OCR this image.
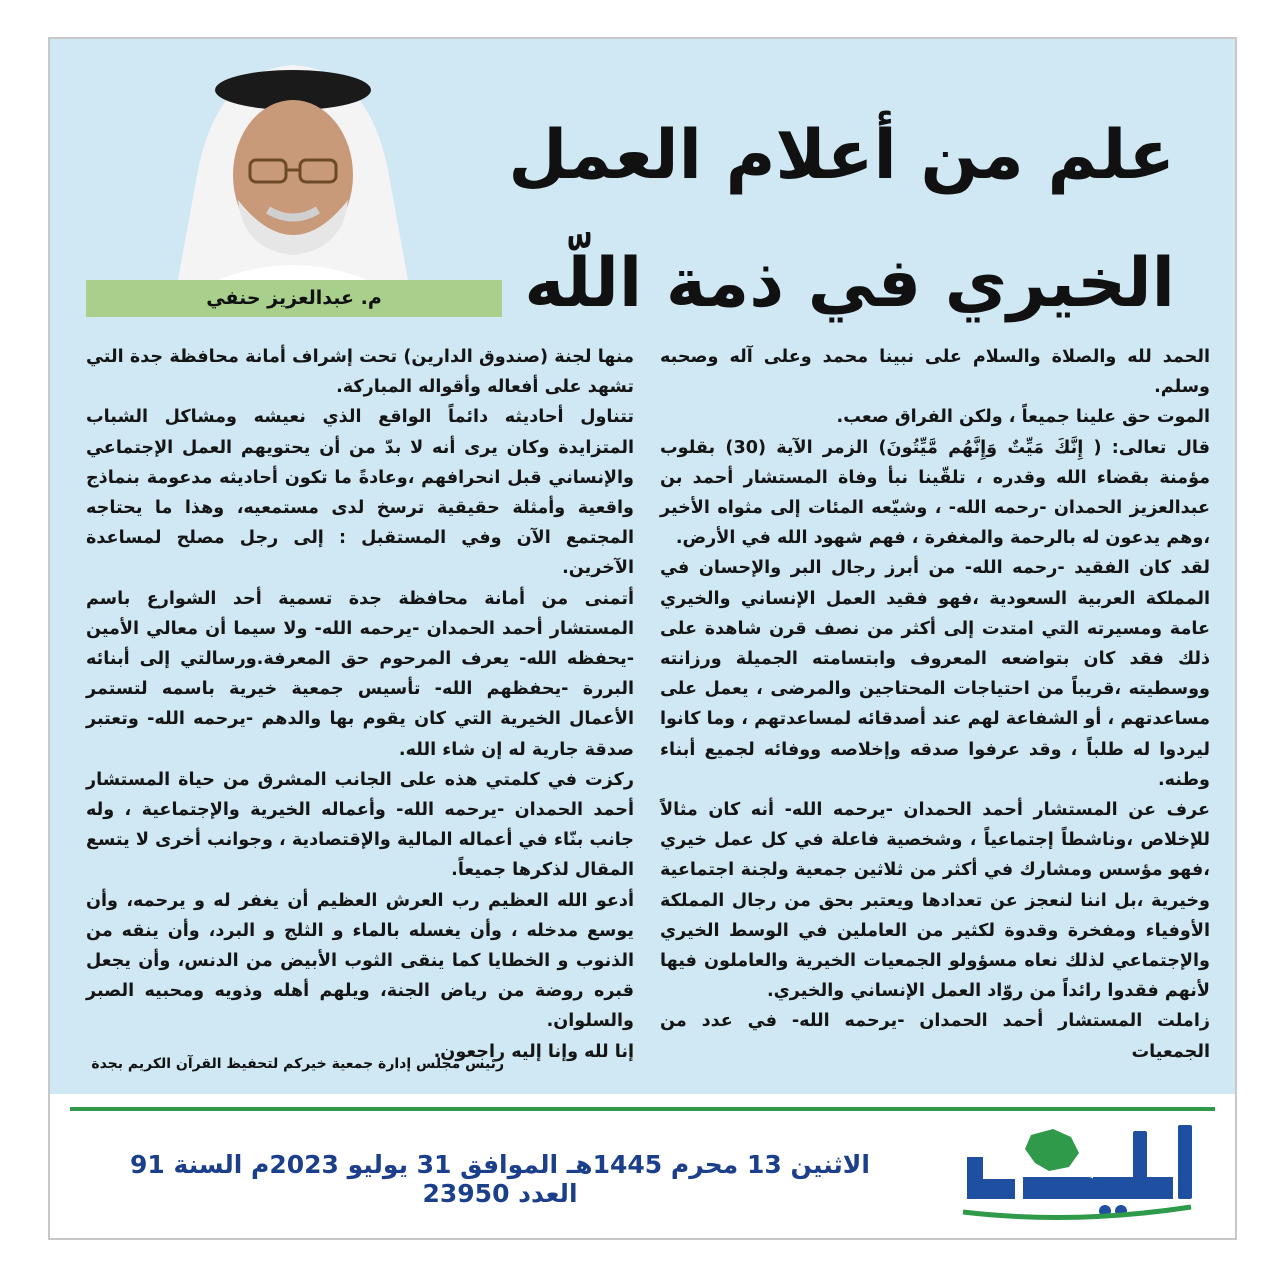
علم من أعلام العمل
الخيري في ذمة اللّه
م. عبدالعزيز حنفي

الحمد لله والصلاة والسلام على نبينا محمد وعلى آله وصحبه وسلم.

الموت حق علينا جميعاً ، ولكن الفراق صعب.

قال تعالى: ( إِنَّكَ مَيِّتٌ وَإِنَّهُم مَّيِّتُونَ) الزمر الآية (30) بقلوب مؤمنة بقضاء الله وقدره ، تلقّينا نبأ وفاة المستشار أحمد بن عبدالعزيز الحمدان -رحمه الله- ، وشيّعه المئات إلى مثواه الأخير ،وهم يدعون له بالرحمة والمغفرة ، فهم شهود الله في الأرض.

لقد كان الفقيد -رحمه الله- من أبرز رجال البر والإحسان في المملكة العربية السعودية ،فهو فقيد العمل الإنساني والخيري عامة ومسيرته التي امتدت إلى أكثر من نصف قرن شاهدة على ذلك فقد كان بتواضعه المعروف وابتسامته الجميلة ورزانته ووسطيته ،قريباً من احتياجات المحتاجين والمرضى ، يعمل على مساعدتهم ، أو الشفاعة لهم عند أصدقائه لمساعدتهم ، وما كانوا ليردوا له طلباً ، وقد عرفوا صدقه وإخلاصه ووفائه لجميع أبناء وطنه.

عرف عن المستشار أحمد الحمدان -يرحمه الله- أنه كان مثالاً للإخلاص ،وناشطاً إجتماعياً ، وشخصية فاعلة في كل عمل خيري ،فهو مؤسس ومشارك في أكثر من ثلاثين جمعية ولجنة اجتماعية وخيرية ،بل اننا لنعجز عن تعدادها ويعتبر بحق من رجال المملكة الأوفياء ومفخرة وقدوة لكثير من العاملين في الوسط الخيري والإجتماعي لذلك نعاه مسؤولو الجمعيات الخيرية والعاملون فيها لأنهم فقدوا رائداً من روّاد العمل الإنساني والخيري.

زاملت المستشار أحمد الحمدان -يرحمه الله- في عدد من الجمعيات

منها لجنة (صندوق الدارين) تحت إشراف أمانة محافظة جدة التي تشهد على أفعاله وأقواله المباركة.

تتناول أحاديثه دائماً الواقع الذي نعيشه ومشاكل الشباب المتزايدة وكان يرى أنه لا بدّ من أن يحتويهم العمل الإجتماعي والإنساني قبل انحرافهم ،وعادةً ما تكون أحاديثه مدعومة بنماذج واقعية وأمثلة حقيقية ترسخ لدى مستمعيه، وهذا ما يحتاجه المجتمع الآن وفي المستقبل : إلى رجل مصلح لمساعدة الآخرين.

أتمنى من أمانة محافظة جدة تسمية أحد الشوارع باسم المستشار أحمد الحمدان -يرحمه الله- ولا سيما أن معالي الأمين -يحفظه الله- يعرف المرحوم حق المعرفة.ورسالتي إلى أبنائه البررة -يحفظهم الله- تأسيس جمعية خيرية باسمه لتستمر الأعمال الخيرية التي كان يقوم بها والدهم -يرحمه الله- وتعتبر صدقة جارية له إن شاء الله.

ركزت في كلمتي هذه على الجانب المشرق من حياة المستشار أحمد الحمدان -يرحمه الله- وأعماله الخيرية والإجتماعية ، وله جانب بنّاء في أعماله المالية والإقتصادية ، وجوانب أخرى لا يتسع المقال لذكرها جميعاً.

أدعو الله العظيم رب العرش العظيم أن يغفر له و يرحمه، وأن يوسع مدخله ، وأن يغسله بالماء و الثلج و البرد، وأن ينقه من الذنوب و الخطايا كما ينقى الثوب الأبيض من الدنس، وأن يجعل قبره روضة من رياض الجنة، ويلهم أهله وذويه ومحبيه الصبر والسلوان.

إنا لله وإنا إليه راجعون.

رئيس مجلس إدارة جمعية خيركم لتحفيظ القرآن الكريم بجدة
الاثنين 13 محرم 1445هـ الموافق 31 يوليو 2023م السنة 91 العدد 23950
